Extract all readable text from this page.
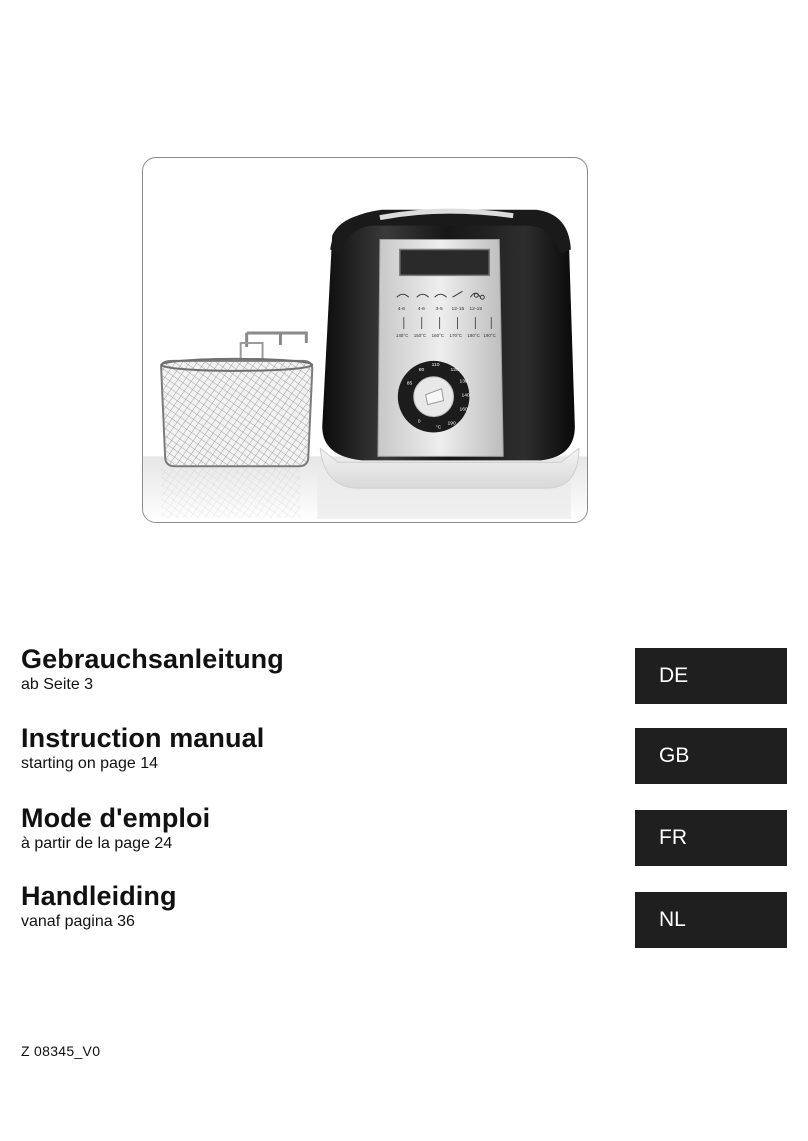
4-6	4-6 3-5 12-15 12-15
140°C 150°C 160°C 170°C 180°C 190°C
80
110
120
130
140
160
190
85
0
°C
Gebrauchsanleitung
ab Seite 3	DE
Instruction manual
starting on page 14	GB
Mode d'emploi
à partir de la page 24	FR
Handleiding
vanaf pagina 36	NL
Z 08345_V0
